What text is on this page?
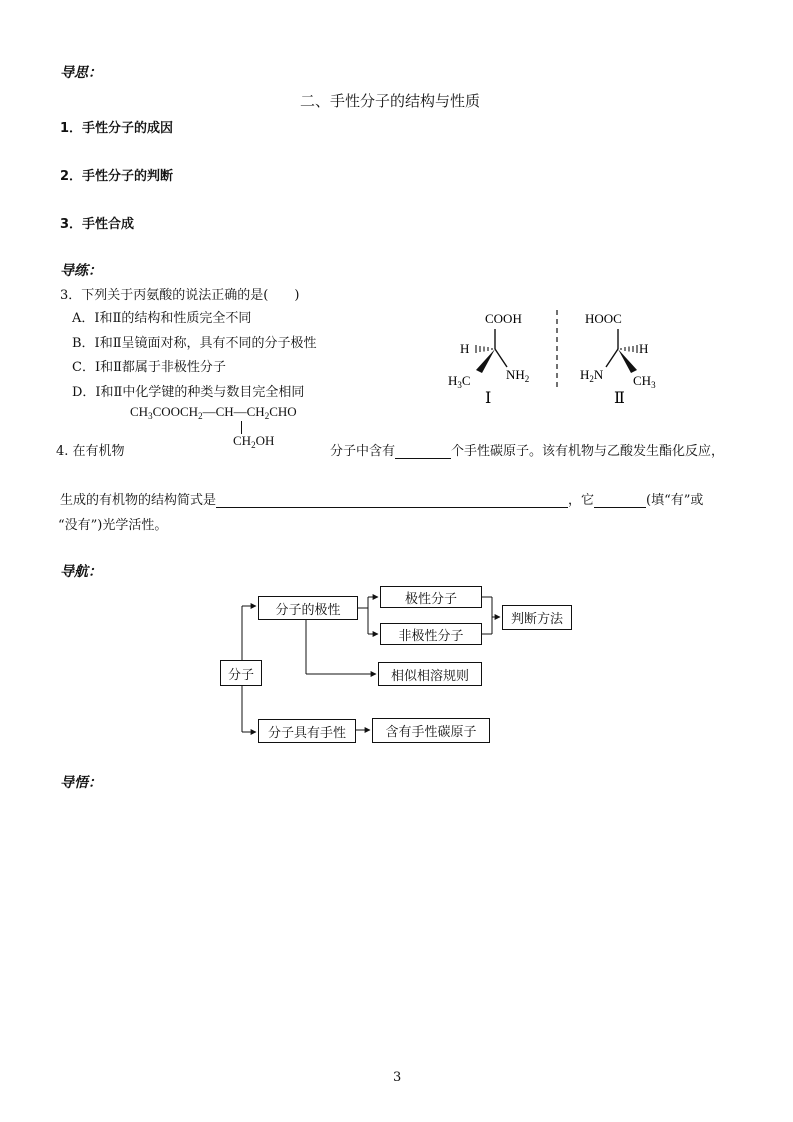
导思：
二、手性分子的结构与性质
1．手性分子的成因
2．手性分子的判断
3．手性合成
导练：
3．下列关于丙氨酸的说法正确的是(　　)
A．Ⅰ和Ⅱ的结构和性质完全不同
B．Ⅰ和Ⅱ呈镜面对称，具有不同的分子极性
C．Ⅰ和Ⅱ都属于非极性分子
D．Ⅰ和Ⅱ中化学键的种类与数目完全相同
COOH
H
$H_3C$	$NH_2$
Ⅰ
HOOC
H
$H_2N$ $CH_3$
Ⅱ
$CH_3COOCH_2—CH—CH_2CHO$
$CH_2OH$
4. 在有机物	分子中含有	个手性碳原子。该有机物与乙酸发生酯化反应，
生成的有机物的结构简式是	，它	(填“有”或
“没有”)光学活性。
导航：
分子
分子的极性
极性分子
非极性分子
判断方法
相似相溶规则
分子具有手性	含有手性碳原子
导悟：
3
